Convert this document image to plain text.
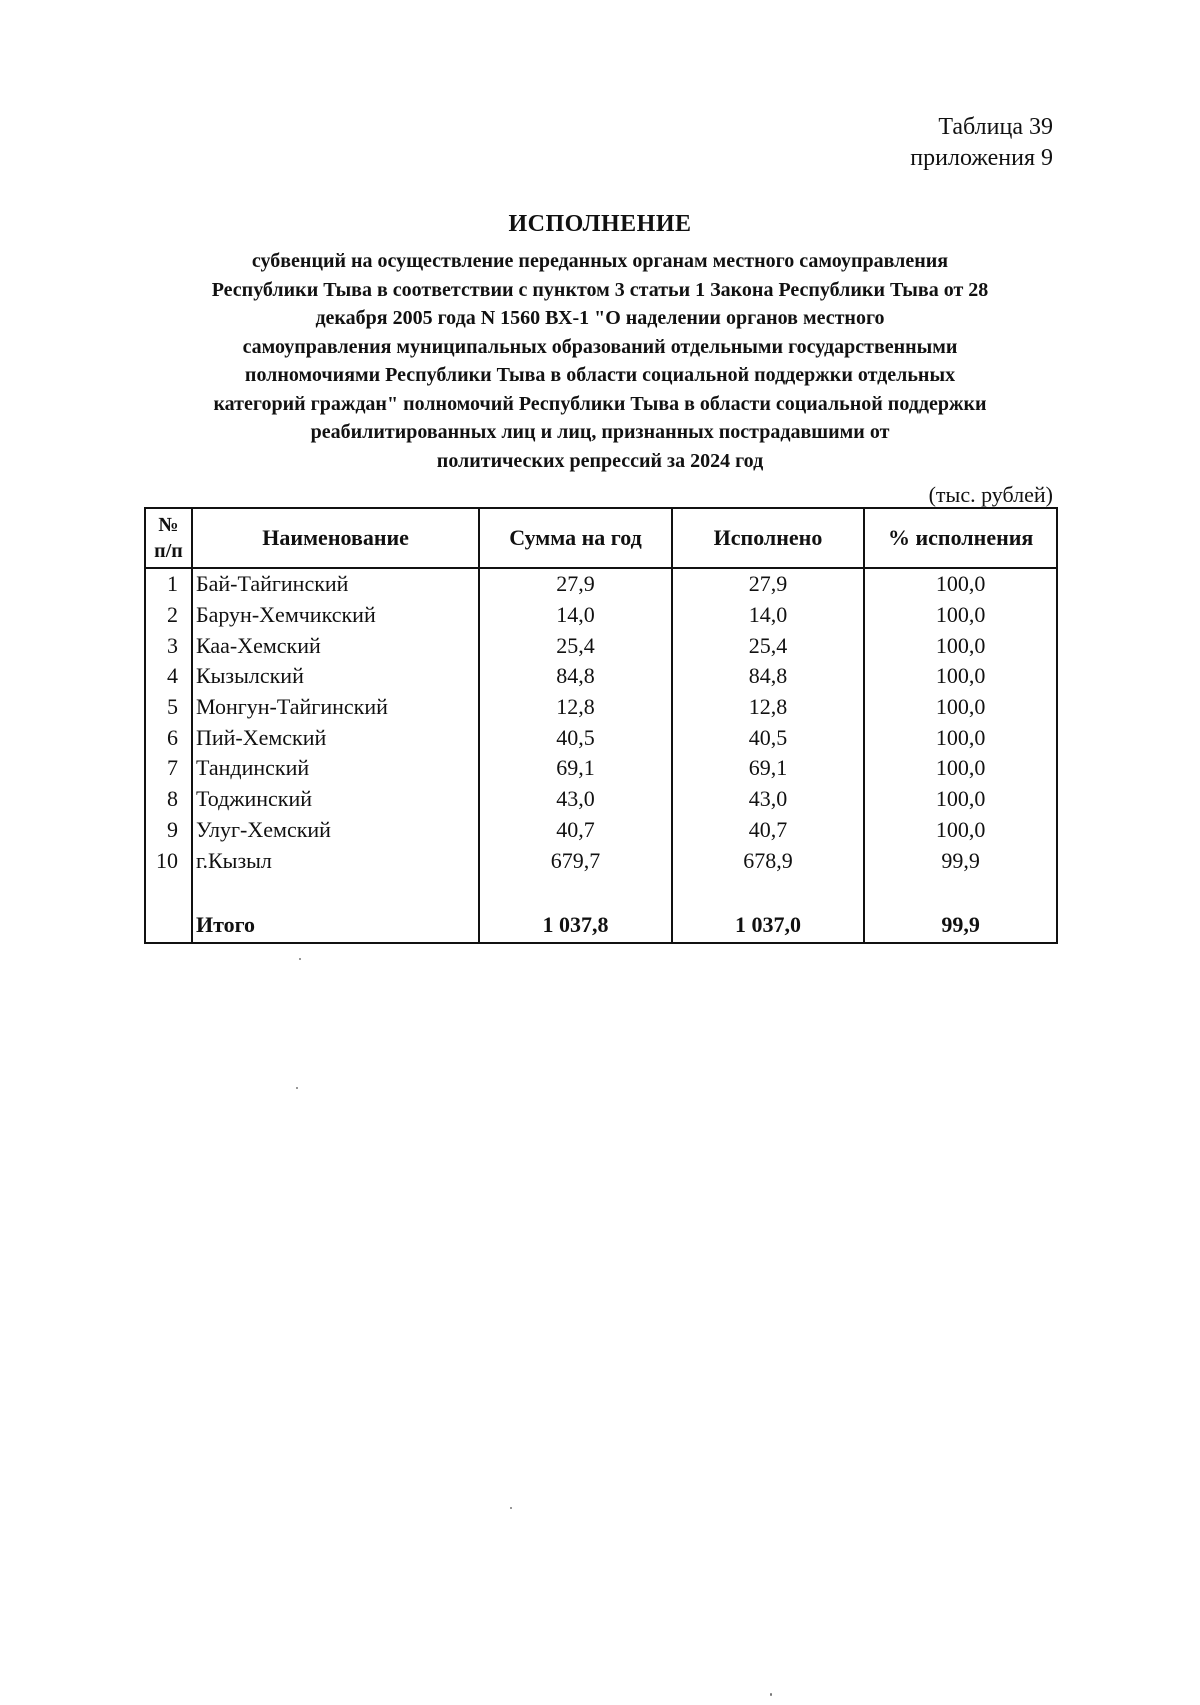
Таблица 39
приложения 9
ИСПОЛНЕНИЕ
субвенций на осуществление переданных органам местного самоуправления
Республики Тыва в соответствии с пунктом 3 статьи 1 Закона Республики Тыва от 28
декабря 2005 года N 1560 ВХ-1 "О наделении органов местного
самоуправления муниципальных образований отдельными государственными
полномочиями Республики Тыва в области социальной поддержки отдельных
категорий граждан" полномочий Республики Тыва в области социальной поддержки
реабилитированных лиц и лиц, признанных пострадавшими от
политических репрессий за 2024 год
(тыс. рублей)
№
п/п	Наименование	Сумма на год	Исполнено	% исполнения
1	Бай-Тайгинский	27,9	27,9	100,0
2	Барун-Хемчикский	14,0	14,0	100,0
3	Каа-Хемский	25,4	25,4	100,0
4	Кызылский	84,8	84,8	100,0
5	Монгун-Тайгинский	12,8	12,8	100,0
6	Пий-Хемский	40,5	40,5	100,0
7	Тандинский	69,1	69,1	100,0
8	Тоджинский	43,0	43,0	100,0
9	Улуг-Хемский	40,7	40,7	100,0
10	г.Кызыл	679,7	678,9	99,9

	Итого	1 037,8	1 037,0	99,9
